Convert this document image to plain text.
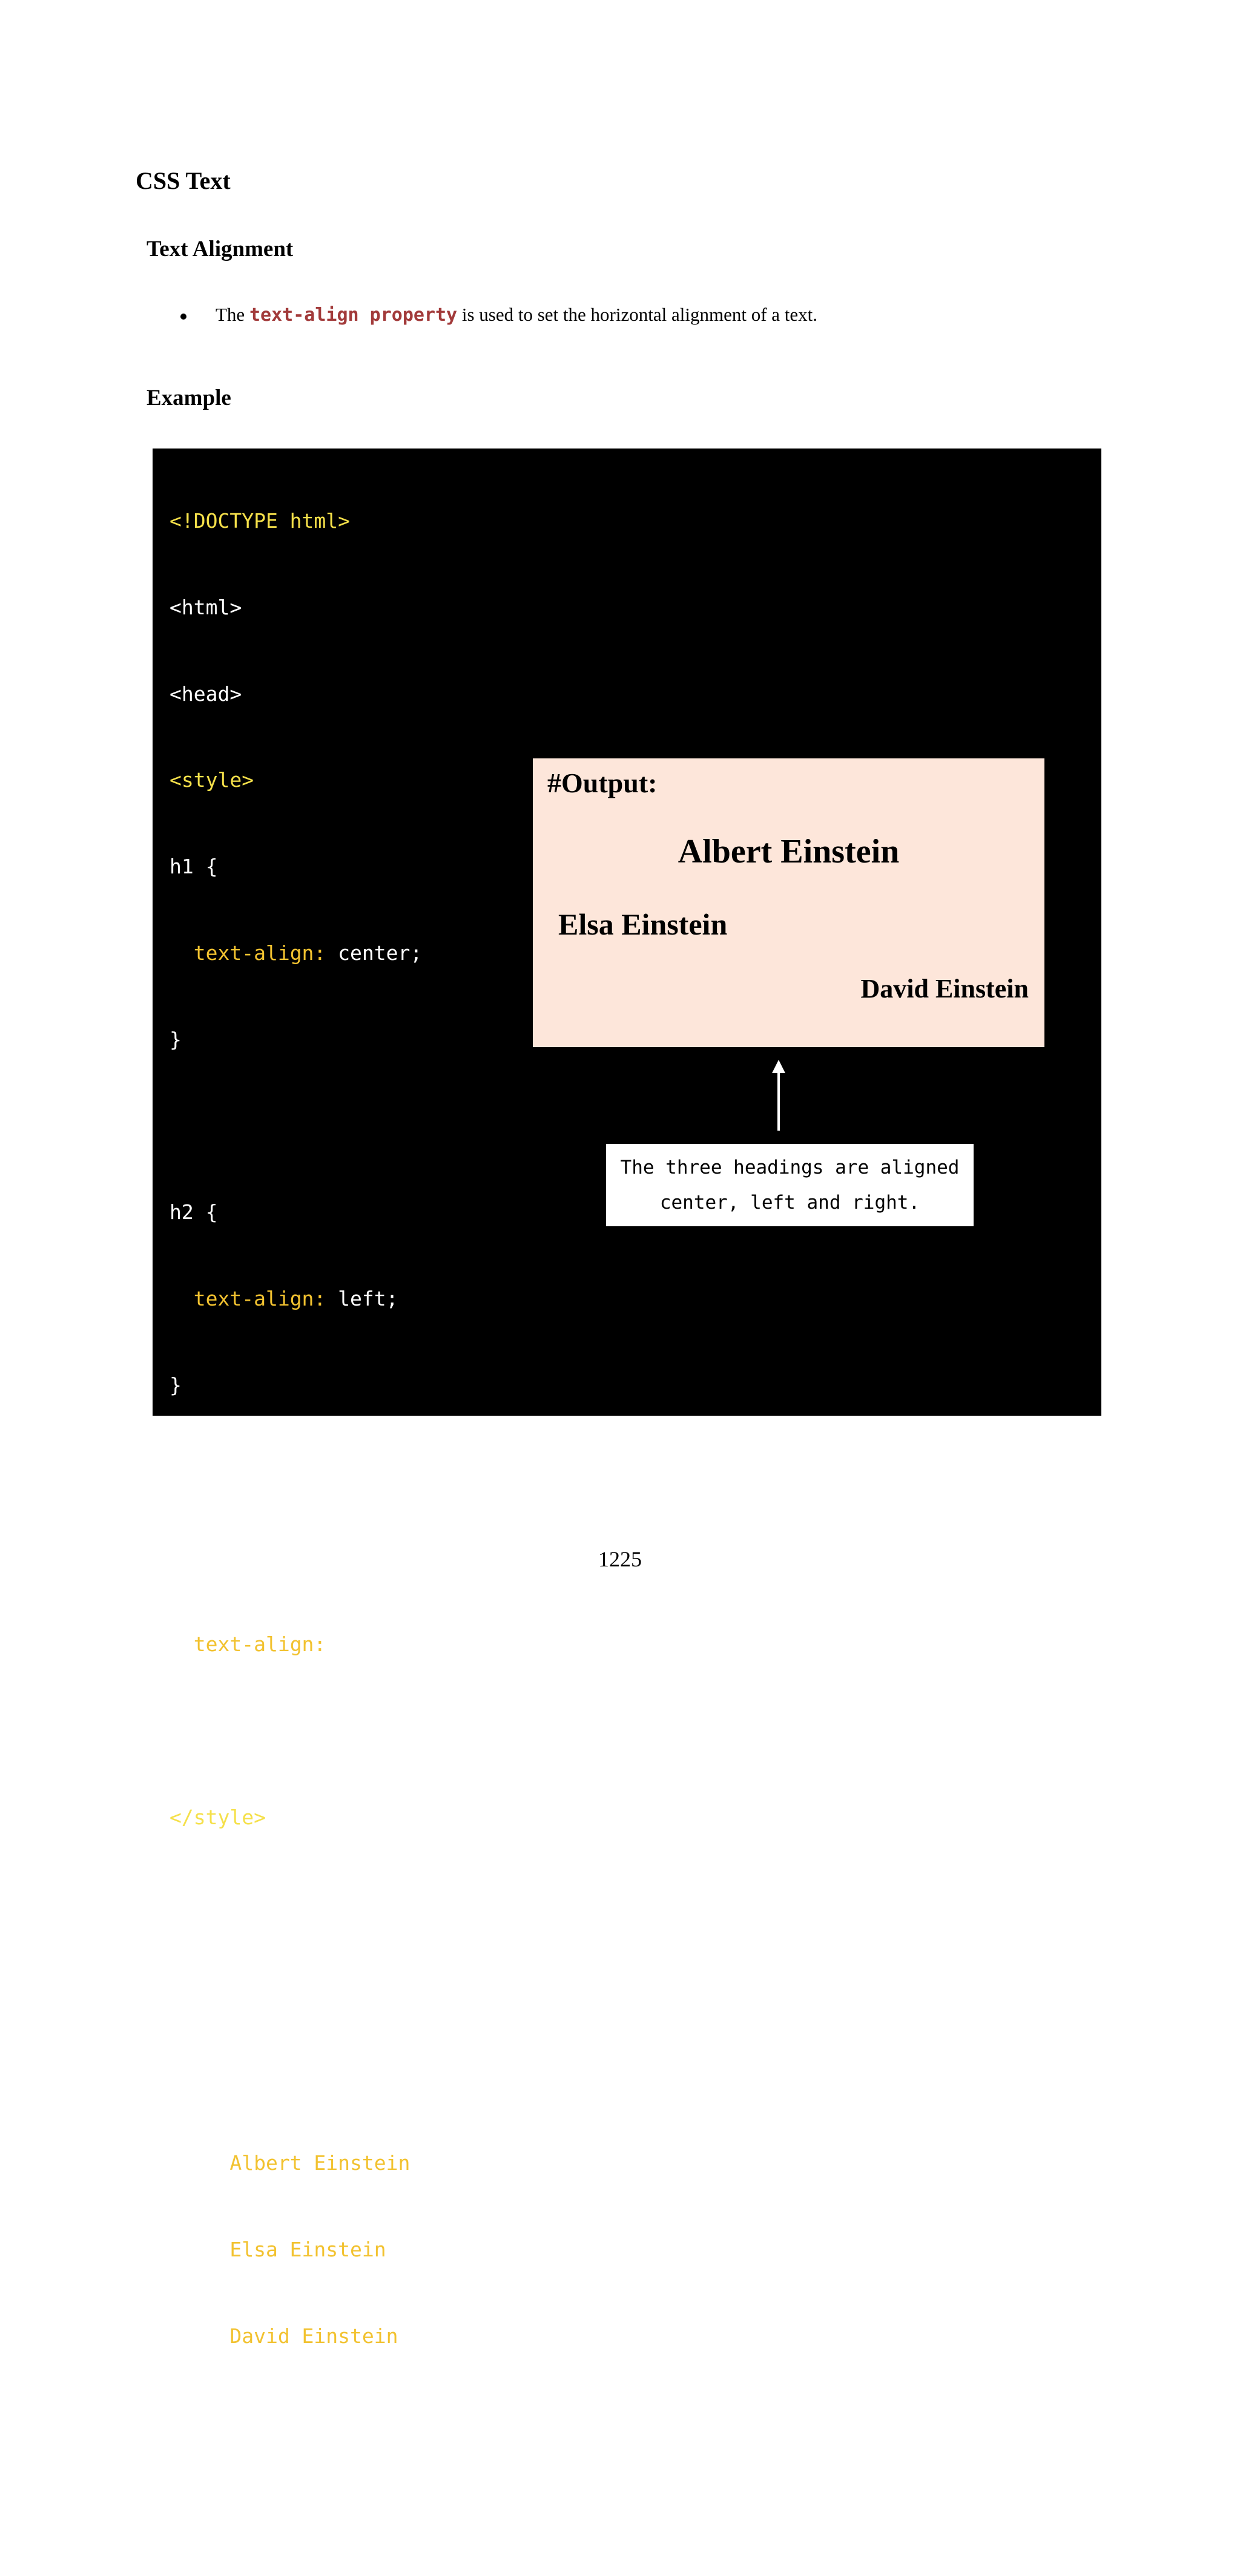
CSS Text
Text Alignment
The text-align property is used to set the horizontal alignment of a text.
Example

<!DOCTYPE html>

<html>

<head>

<style>

h1 {

text-align: center;

}

h2 {

text-align: left;

}

h3 {

text-align: right;

}

</style>

</head>

<body>

<h1> Albert Einstein </h1>

<h2> Elsa Einstein </h2>

<h3> David Einstein </h3>

</body>

</html>

#Output:
Albert Einstein
Elsa Einstein
David Einstein
The three headings are aligned
center, left and right.
1225
